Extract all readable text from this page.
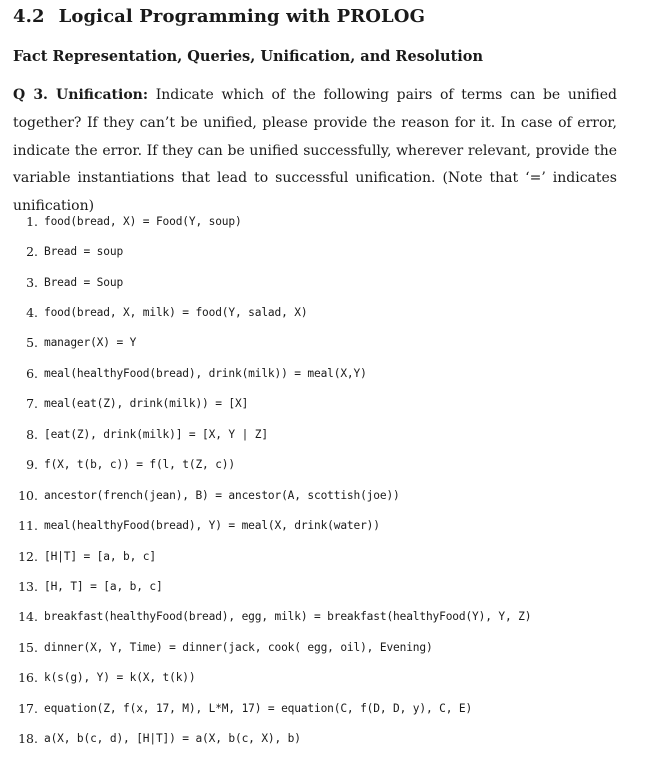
4.2 Logical Programming with PROLOG
Fact Representation, Queries, Unification, and Resolution
Q 3. Unification: Indicate which of the following pairs of terms can be unified together? If they can’t be unified, please provide the reason for it. In case of error, indicate the error. If they can be unified successfully, wherever relevant, provide the variable instantiations that lead to successful unification. (Note that ‘=’ indicates unification)
1. food(bread, X) = Food(Y, soup)
2. Bread = soup
3. Bread = Soup
4. food(bread, X, milk) = food(Y, salad, X)
5. manager(X) = Y
6. meal(healthyFood(bread), drink(milk)) = meal(X,Y)
7. meal(eat(Z), drink(milk)) = [X]
8. [eat(Z), drink(milk)] = [X, Y | Z]
9. f(X, t(b, c)) = f(l, t(Z, c))
10. ancestor(french(jean), B) = ancestor(A, scottish(joe))
11. meal(healthyFood(bread), Y) = meal(X, drink(water))
12. [H|T] = [a, b, c]
13. [H, T] = [a, b, c]
14. breakfast(healthyFood(bread), egg, milk) = breakfast(healthyFood(Y), Y, Z)
15. dinner(X, Y, Time) = dinner(jack, cook( egg, oil), Evening)
16. k(s(g), Y) = k(X, t(k))
17. equation(Z, f(x, 17, M), L*M, 17) = equation(C, f(D, D, y), C, E)
18. a(X, b(c, d), [H|T]) = a(X, b(c, X), b)
